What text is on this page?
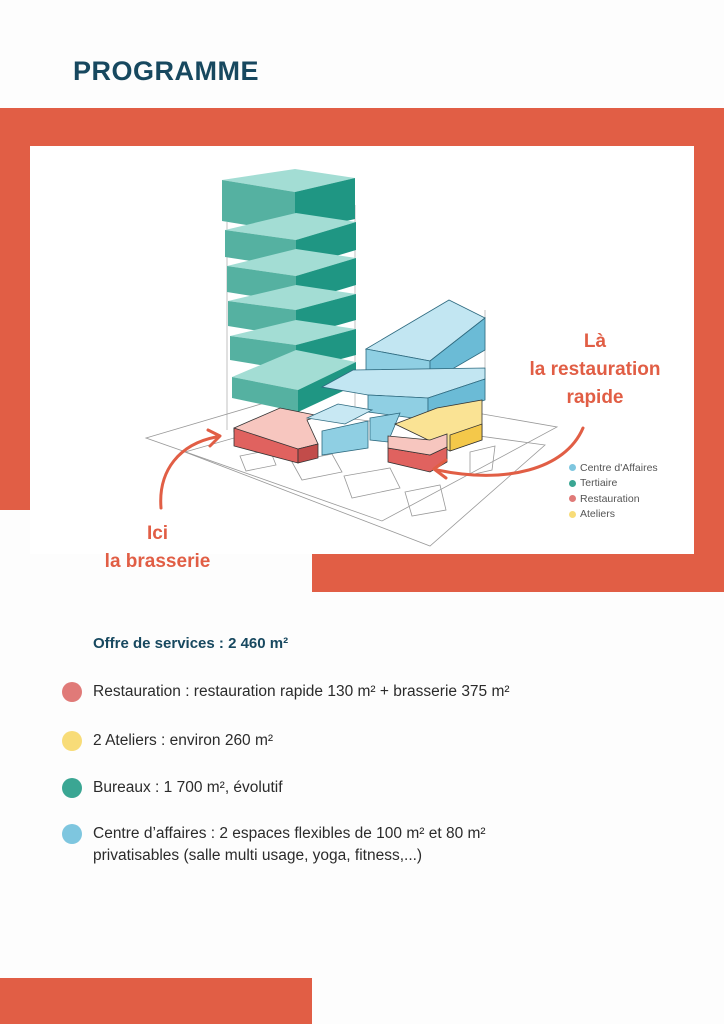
PROGRAMME
Là
la restauration
rapide
Ici
la brasserie
Centre d'Affaires
Tertiaire
Restauration
Ateliers
Offre de services : 2 460 m²
Restauration : restauration rapide 130 m² + brasserie 375 m²
2 Ateliers : environ 260 m²
Bureaux : 1 700 m², évolutif
Centre d’affaires : 2 espaces flexibles de 100 m² et 80 m²
privatisables (salle multi usage, yoga, fitness,...)
